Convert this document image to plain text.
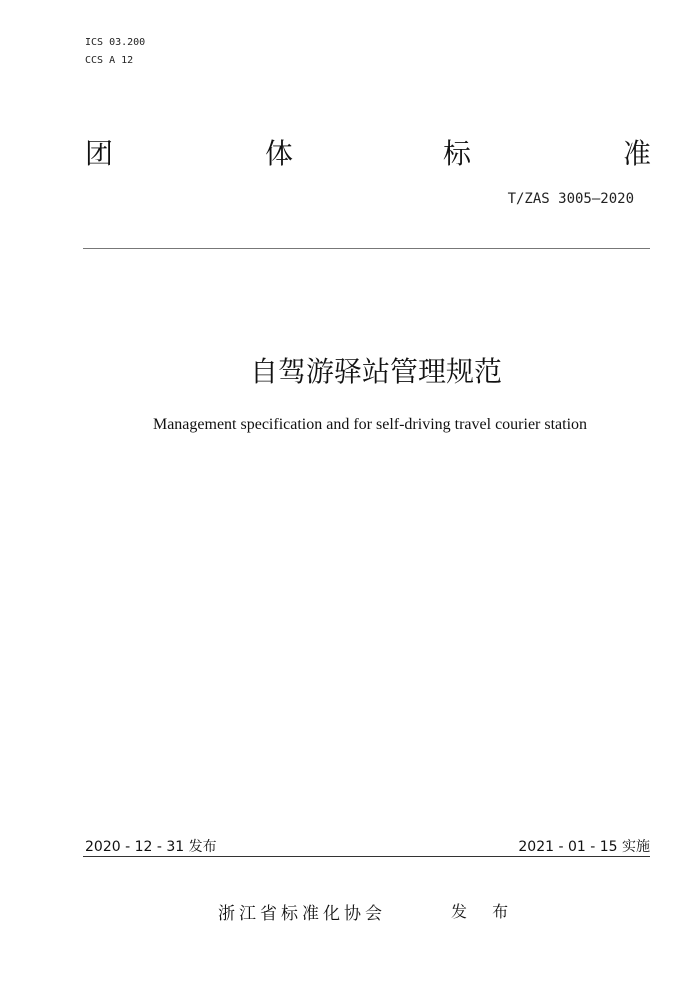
ICS 03.200
CCS A 12
团	体	标	准
T/ZAS 3005—2020
自驾游驿站管理规范
Management specification and for self-driving travel courier station
2020 - 12 - 31 发布	2021 - 01 - 15 实施
浙江省标准化协会	发 布
